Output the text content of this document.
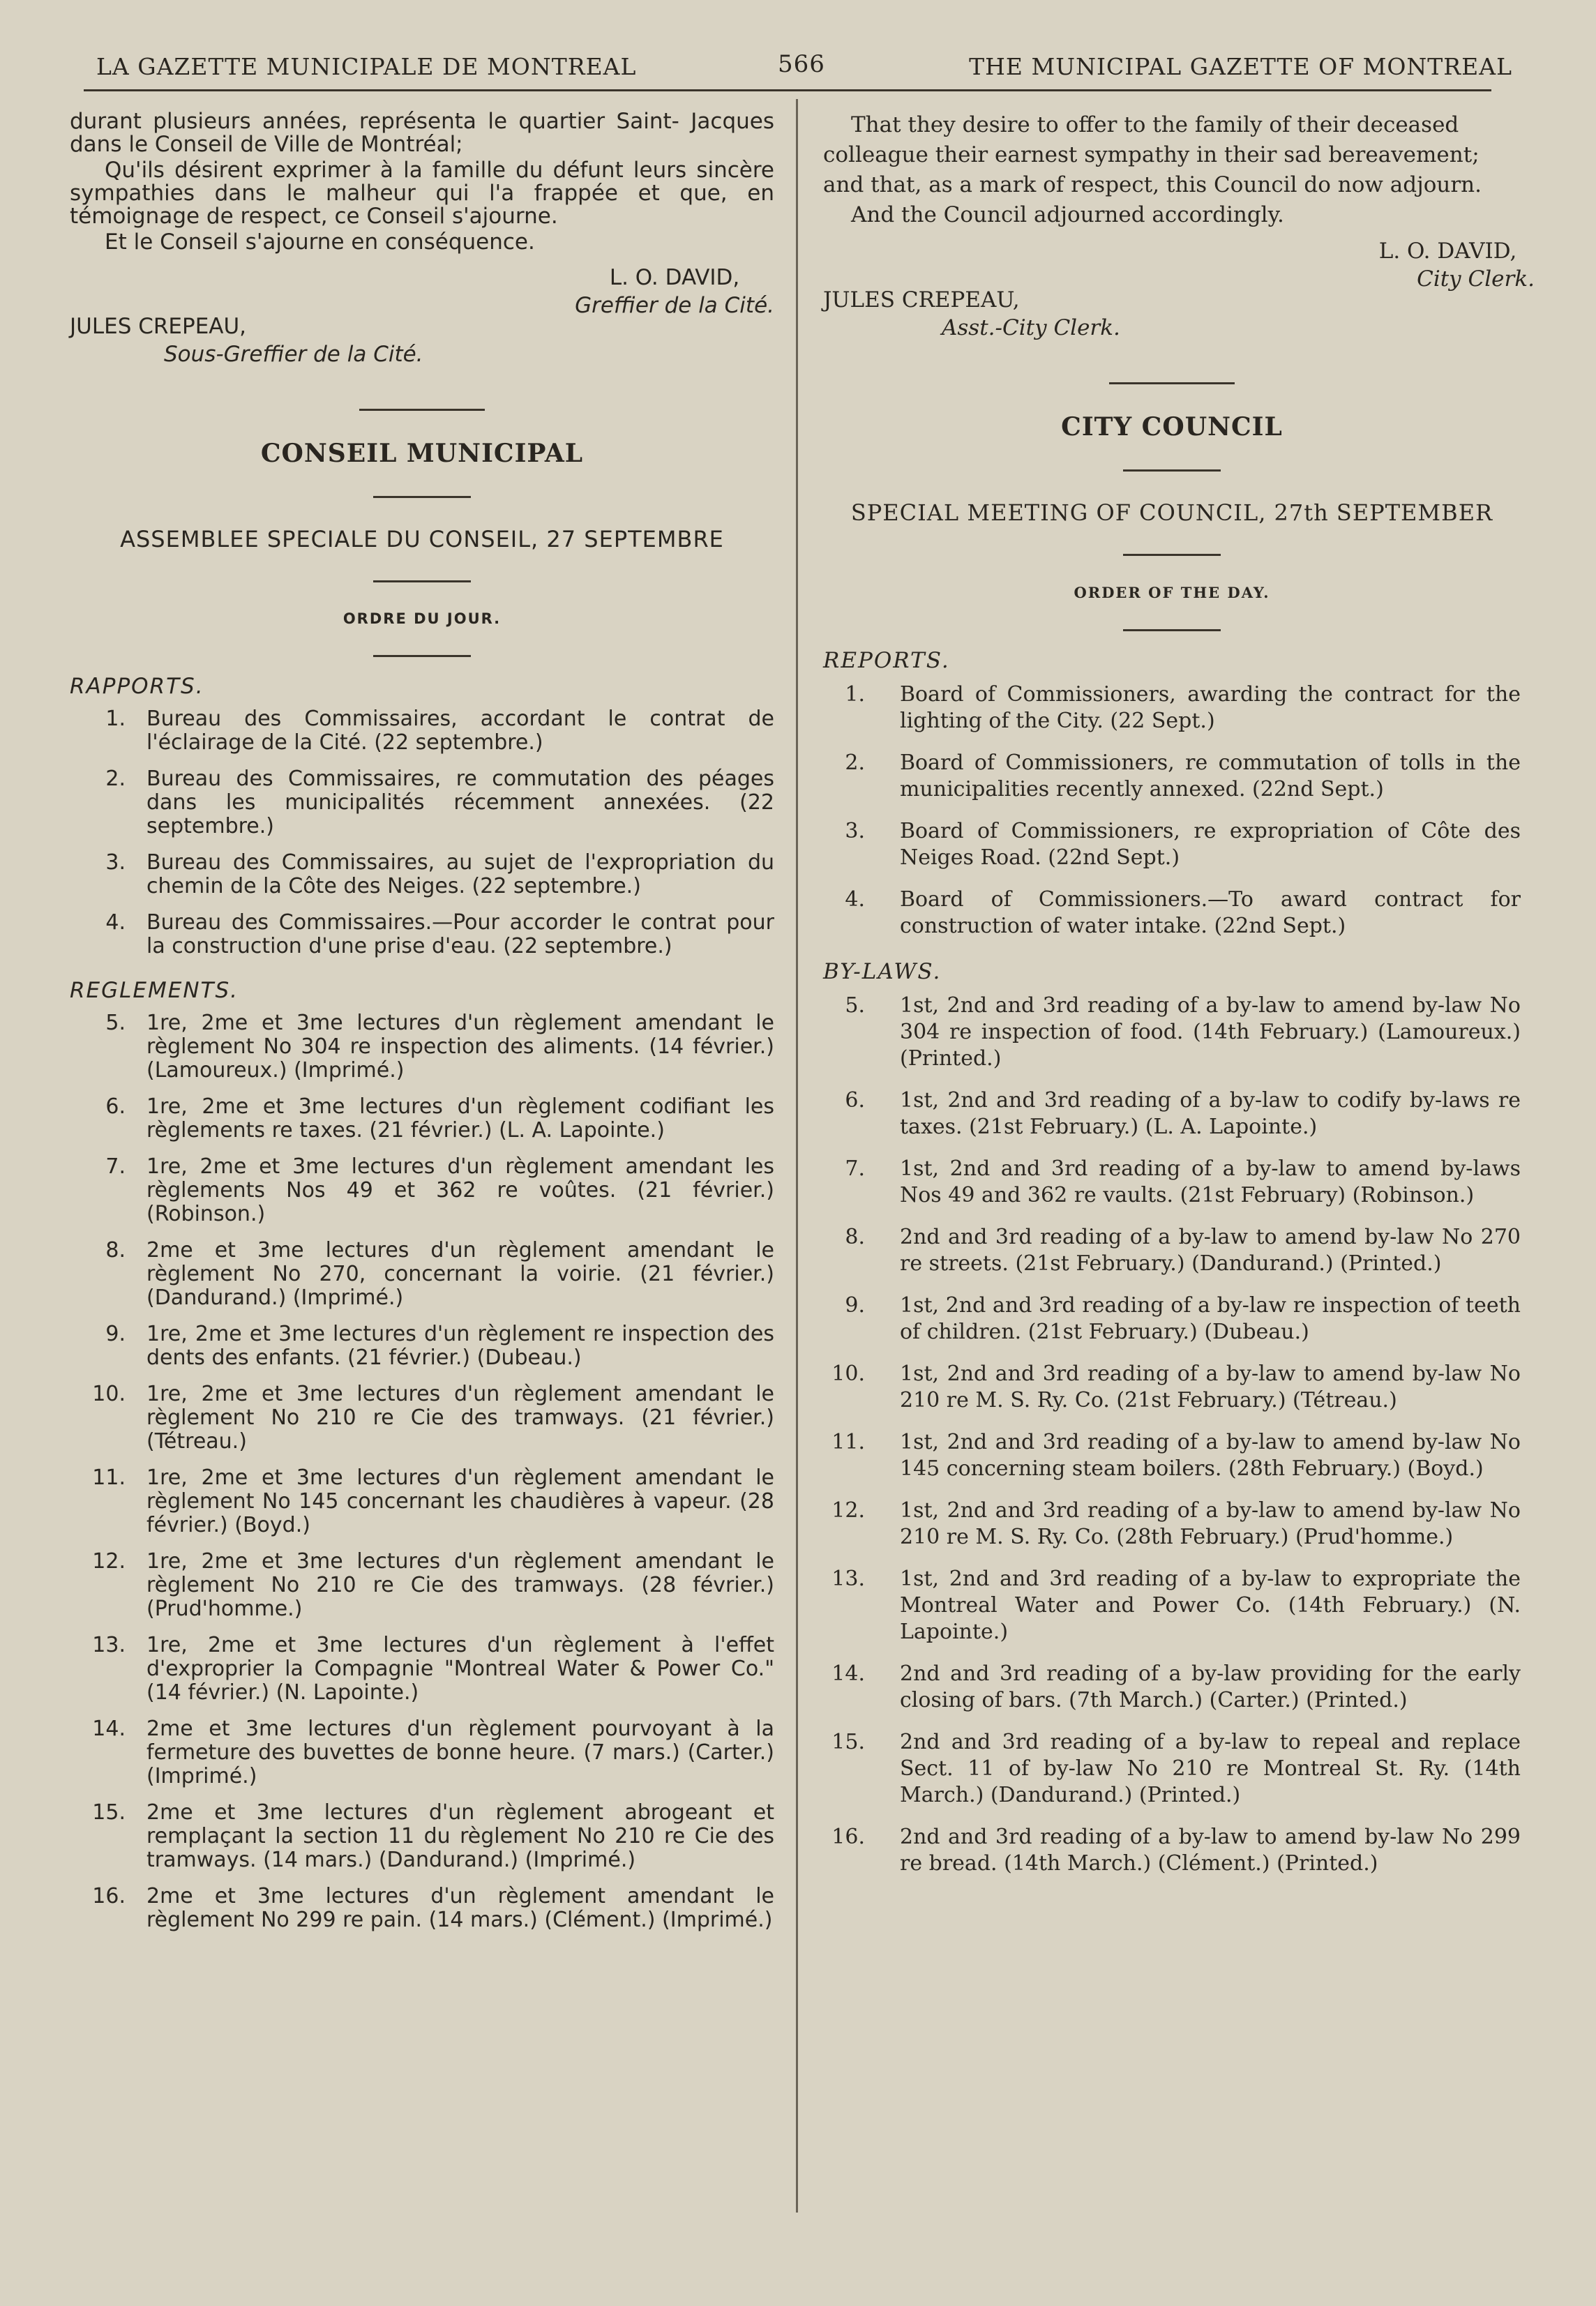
LA GAZETTE MUNICIPALE DE MONTREAL	566	THE MUNICIPAL GAZETTE OF MONTREAL

durant plusieurs années, représenta le quartier Saint- Jacques dans le Conseil de Ville de Montréal;

Qu'ils désirent exprimer à la famille du défunt leurs sincère sympathies dans le malheur qui l'a frappée et que, en témoignage de respect, ce Conseil s'ajourne.

Et le Conseil s'ajourne en conséquence.

L. O. DAVID,
Greffier de la Cité.
JULES CREPEAU,
Sous-Greffier de la Cité.
CONSEIL MUNICIPAL
ASSEMBLEE SPECIALE DU CONSEIL, 27 SEPTEMBRE
ORDRE DU JOUR.
RAPPORTS.
1. Bureau des Commissaires, accordant le contrat de l'éclairage de la Cité. (22 septembre.)
2. Bureau des Commissaires, re commutation des péages dans les municipalités récemment annexées. (22 septembre.)
3. Bureau des Commissaires, au sujet de l'expropriation du chemin de la Côte des Neiges. (22 septembre.)
4. Bureau des Commissaires.—Pour accorder le contrat pour la construction d'une prise d'eau. (22 septembre.)
REGLEMENTS.
5. 1re, 2me et 3me lectures d'un règlement amendant le règlement No 304 re inspection des aliments. (14 février.) (Lamoureux.) (Imprimé.)
6. 1re, 2me et 3me lectures d'un règlement codifiant les règlements re taxes. (21 février.) (L. A. Lapointe.)
7. 1re, 2me et 3me lectures d'un règlement amendant les règlements Nos 49 et 362 re voûtes. (21 février.) (Robinson.)
8. 2me et 3me lectures d'un règlement amendant le règlement No 270, concernant la voirie. (21 février.) (Dandurand.) (Imprimé.)
9. 1re, 2me et 3me lectures d'un règlement re inspection des dents des enfants. (21 février.) (Dubeau.)
10. 1re, 2me et 3me lectures d'un règlement amendant le règlement No 210 re Cie des tramways. (21 février.) (Tétreau.)
11. 1re, 2me et 3me lectures d'un règlement amendant le règlement No 145 concernant les chaudières à vapeur. (28 février.) (Boyd.)
12. 1re, 2me et 3me lectures d'un règlement amendant le règlement No 210 re Cie des tramways. (28 février.) (Prud'homme.)
13. 1re, 2me et 3me lectures d'un règlement à l'effet d'exproprier la Compagnie "Montreal Water & Power Co." (14 février.) (N. Lapointe.)
14. 2me et 3me lectures d'un règlement pourvoyant à la fermeture des buvettes de bonne heure. (7 mars.) (Carter.) (Imprimé.)
15. 2me et 3me lectures d'un règlement abrogeant et remplaçant la section 11 du règlement No 210 re Cie des tramways. (14 mars.) (Dandurand.) (Imprimé.)
16. 2me et 3me lectures d'un règlement amendant le règlement No 299 re pain. (14 mars.) (Clément.) (Imprimé.)

That they desire to offer to the family of their deceased colleague their earnest sympathy in their sad bereavement; and that, as a mark of respect, this Council do now adjourn.

And the Council adjourned accordingly.

L. O. DAVID,
City Clerk.
JULES CREPEAU,
Asst.-City Clerk.
CITY COUNCIL
SPECIAL MEETING OF COUNCIL, 27th SEPTEMBER
ORDER OF THE DAY.
REPORTS.
1. Board of Commissioners, awarding the contract for the lighting of the City. (22 Sept.)
2. Board of Commissioners, re commutation of tolls in the municipalities recently annexed. (22nd Sept.)
3. Board of Commissioners, re expropriation of Côte des Neiges Road. (22nd Sept.)
4. Board of Commissioners.—To award contract for construction of water intake. (22nd Sept.)
BY-LAWS.
5. 1st, 2nd and 3rd reading of a by-law to amend by-law No 304 re inspection of food. (14th February.) (Lamoureux.) (Printed.)
6. 1st, 2nd and 3rd reading of a by-law to codify by-laws re taxes. (21st February.) (L. A. Lapointe.)
7. 1st, 2nd and 3rd reading of a by-law to amend by-laws Nos 49 and 362 re vaults. (21st February) (Robinson.)
8. 2nd and 3rd reading of a by-law to amend by-law No 270 re streets. (21st February.) (Dandurand.) (Printed.)
9. 1st, 2nd and 3rd reading of a by-law re inspection of teeth of children. (21st February.) (Dubeau.)
10. 1st, 2nd and 3rd reading of a by-law to amend by-law No 210 re M. S. Ry. Co. (21st February.) (Tétreau.)
11. 1st, 2nd and 3rd reading of a by-law to amend by-law No 145 concerning steam boilers. (28th February.) (Boyd.)
12. 1st, 2nd and 3rd reading of a by-law to amend by-law No 210 re M. S. Ry. Co. (28th February.) (Prud'homme.)
13. 1st, 2nd and 3rd reading of a by-law to expropriate the Montreal Water and Power Co. (14th February.) (N. Lapointe.)
14. 2nd and 3rd reading of a by-law providing for the early closing of bars. (7th March.) (Carter.) (Printed.)
15. 2nd and 3rd reading of a by-law to repeal and replace Sect. 11 of by-law No 210 re Montreal St. Ry. (14th March.) (Dandurand.) (Printed.)
16. 2nd and 3rd reading of a by-law to amend by-law No 299 re bread. (14th March.) (Clément.) (Printed.)
